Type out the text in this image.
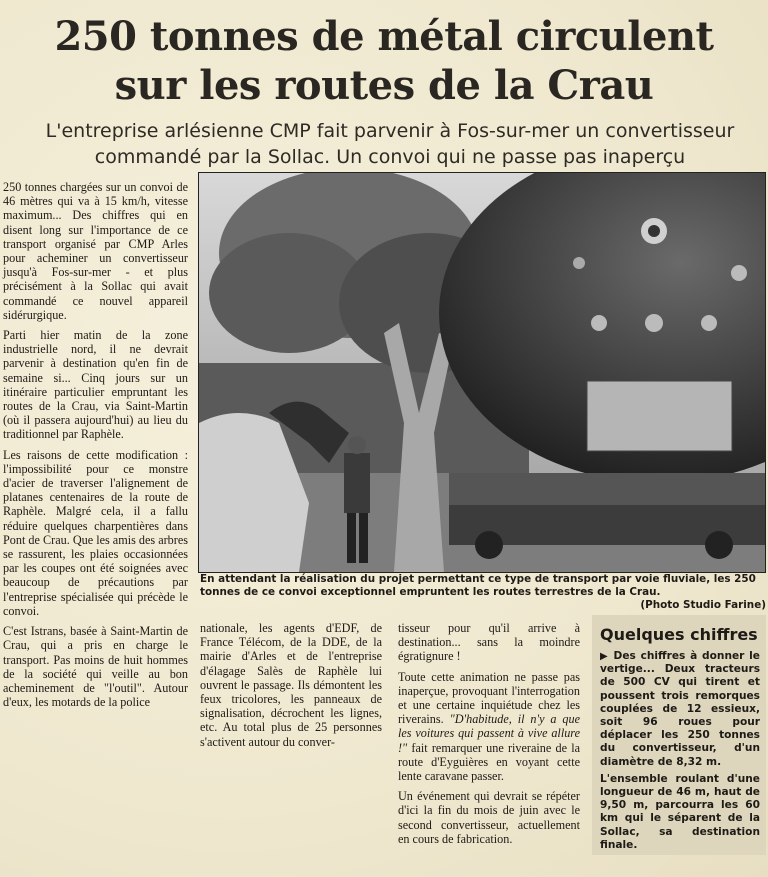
250 tonnes de métal circulent
sur les routes de la Crau
L'entreprise arlésienne CMP fait parvenir à Fos-sur-mer un convertisseur
commandé par la Sollac. Un convoi qui ne passe pas inaperçu

250 tonnes chargées sur un convoi de 46 mètres qui va à 15 km/h, vitesse maximum... Des chiffres qui en disent long sur l'importance de ce transport organisé par CMP Arles pour acheminer un convertisseur jusqu'à Fos-sur-mer - et plus précisément à la Sollac qui avait commandé ce nouvel appareil sidérurgique.

Parti hier matin de la zone industrielle nord, il ne devrait parvenir à destination qu'en fin de semaine si... Cinq jours sur un itinéraire particulier empruntant les routes de la Crau, via Saint-Martin (où il passera aujourd'hui) au lieu du traditionnel par Raphèle.

Les raisons de cette modification : l'impossibilité pour ce monstre d'acier de traverser l'alignement de platanes centenaires de la route de Raphèle. Malgré cela, il a fallu réduire quelques charpentières dans Pont de Crau. Que les amis des arbres se rassurent, les plaies occasionnées par les coupes ont été soignées avec beaucoup de précautions par l'entreprise spécialisée qui précède le convoi.

C'est Istrans, basée à Saint-Martin de Crau, qui a pris en charge le transport. Pas moins de huit hommes de la société qui veille au bon acheminement de "l'outil". Autour d'eux, les motards de la police

En attendant la réalisation du projet permettant ce type de transport par voie fluviale, les 250 tonnes de ce convoi exceptionnel empruntent les routes terrestres de la Crau.
(Photo Studio Farine)

nationale, les agents d'EDF, de France Télécom, de la DDE, de la mairie d'Arles et de l'entreprise d'élagage Salès de Raphèle lui ouvrent le passage. Ils démontent les feux tricolores, les panneaux de signalisation, décrochent les lignes, etc. Au total plus de 25 personnes s'activent autour du conver-

tisseur pour qu'il arrive à destination... sans la moindre égratignure !

Toute cette animation ne passe pas inaperçue, provoquant l'interrogation et une certaine inquiétude chez les riverains. "D'habitude, il n'y a que les voitures qui passent à vive allure !" fait remarquer une riveraine de la route d'Eyguières en voyant cette lente caravane passer.

Un événement qui devrait se répéter d'ici la fin du mois de juin avec le second convertisseur, actuellement en cours de fabrication.

Quelques chiffres

▶ Des chiffres à donner le vertige... Deux tracteurs de 500 CV qui tirent et poussent trois remorques couplées de 12 essieux, soit 96 roues pour déplacer les 250 tonnes du convertisseur, d'un diamètre de 8,32 m.

L'ensemble roulant d'une longueur de 46 m, haut de 9,50 m, parcourra les 60 km qui le séparent de la Sollac, sa destination finale.
